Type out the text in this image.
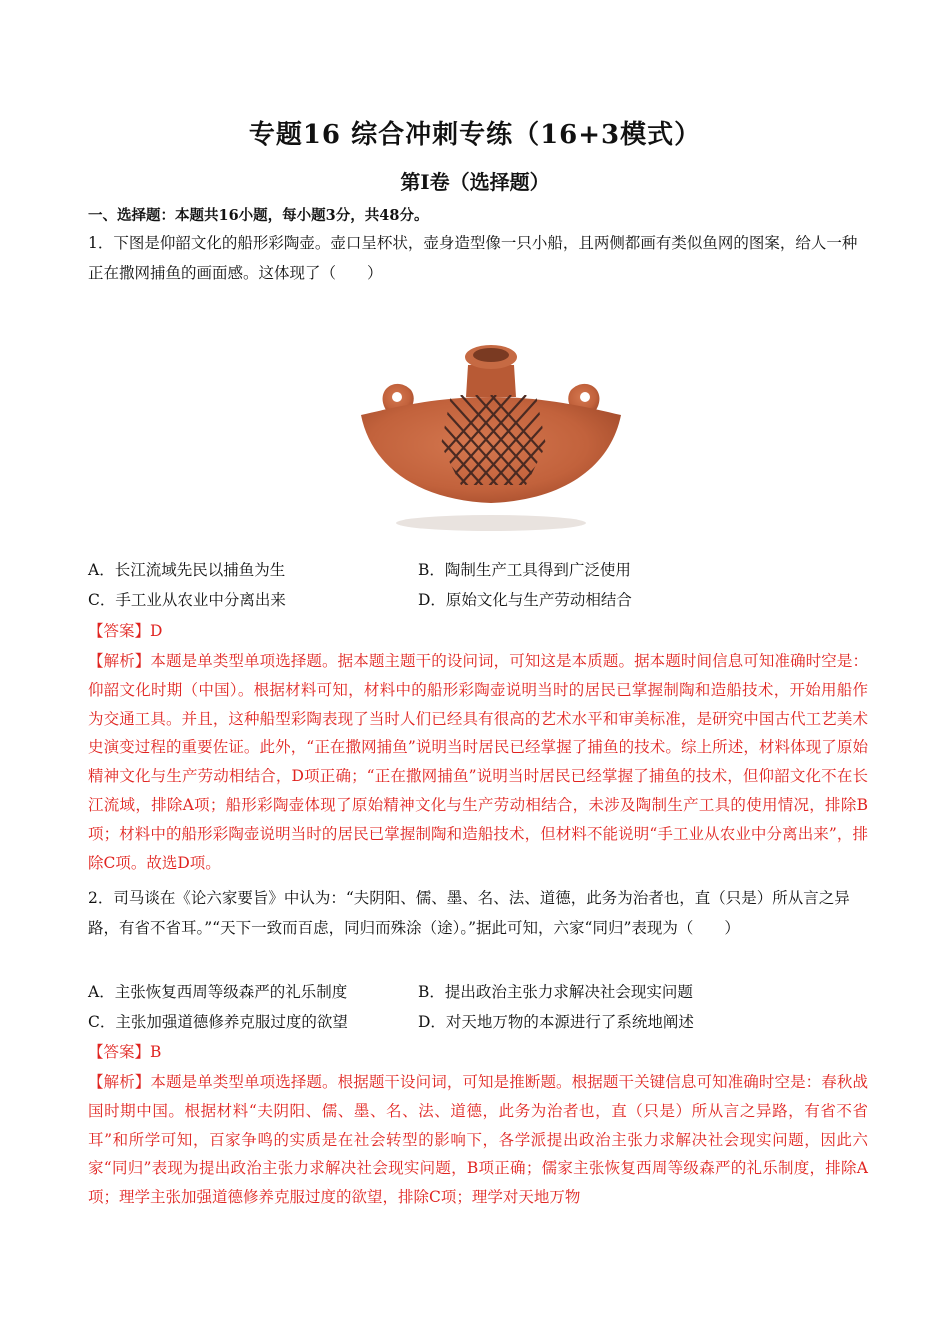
专题16 综合冲刺专练（16+3模式）
第Ⅰ卷（选择题）
一、选择题：本题共16小题，每小题3分，共48分。
1．下图是仰韶文化的船形彩陶壶。壶口呈杯状，壶身造型像一只小船，且两侧都画有类似鱼网的图案，给人一种正在撒网捕鱼的画面感。这体现了（　　）
A．长江流域先民以捕鱼为生	B．陶制生产工具得到广泛使用
C．手工业从农业中分离出来	D．原始文化与生产劳动相结合
【答案】D
【解析】本题是单类型单项选择题。据本题主题干的设问词，可知这是本质题。据本题时间信息可知准确时空是：仰韶文化时期（中国）。根据材料可知，材料中的船形彩陶壶说明当时的居民已掌握制陶和造船技术，开始用船作为交通工具。并且，这种船型彩陶表现了当时人们已经具有很高的艺术水平和审美标准，是研究中国古代工艺美术史演变过程的重要佐证。此外，“正在撒网捕鱼”说明当时居民已经掌握了捕鱼的技术。综上所述，材料体现了原始精神文化与生产劳动相结合，D项正确；“正在撒网捕鱼”说明当时居民已经掌握了捕鱼的技术，但仰韶文化不在长江流域，排除A项；船形彩陶壶体现了原始精神文化与生产劳动相结合，未涉及陶制生产工具的使用情况，排除B项；材料中的船形彩陶壶说明当时的居民已掌握制陶和造船技术，但材料不能说明“手工业从农业中分离出来”，排除C项。故选D项。
2．司马谈在《论六家要旨》中认为：“夫阴阳、儒、墨、名、法、道德，此务为治者也，直（只是）所从言之异路，有省不省耳。”“天下一致而百虑，同归而殊涂（途）。”据此可知，六家“同归”表现为（　　）
A．主张恢复西周等级森严的礼乐制度	B．提出政治主张力求解决社会现实问题
C．主张加强道德修养克服过度的欲望	D．对天地万物的本源进行了系统地阐述
【答案】B
【解析】本题是单类型单项选择题。根据题干设问词，可知是推断题。根据题干关键信息可知准确时空是：春秋战国时期中国。根据材料“夫阴阳、儒、墨、名、法、道德，此务为治者也，直（只是）所从言之异路，有省不省耳”和所学可知，百家争鸣的实质是在社会转型的影响下，各学派提出政治主张力求解决社会现实问题，因此六家“同归”表现为提出政治主张力求解决社会现实问题，B项正确；儒家主张恢复西周等级森严的礼乐制度，排除A项；理学主张加强道德修养克服过度的欲望，排除C项；理学对天地万物
